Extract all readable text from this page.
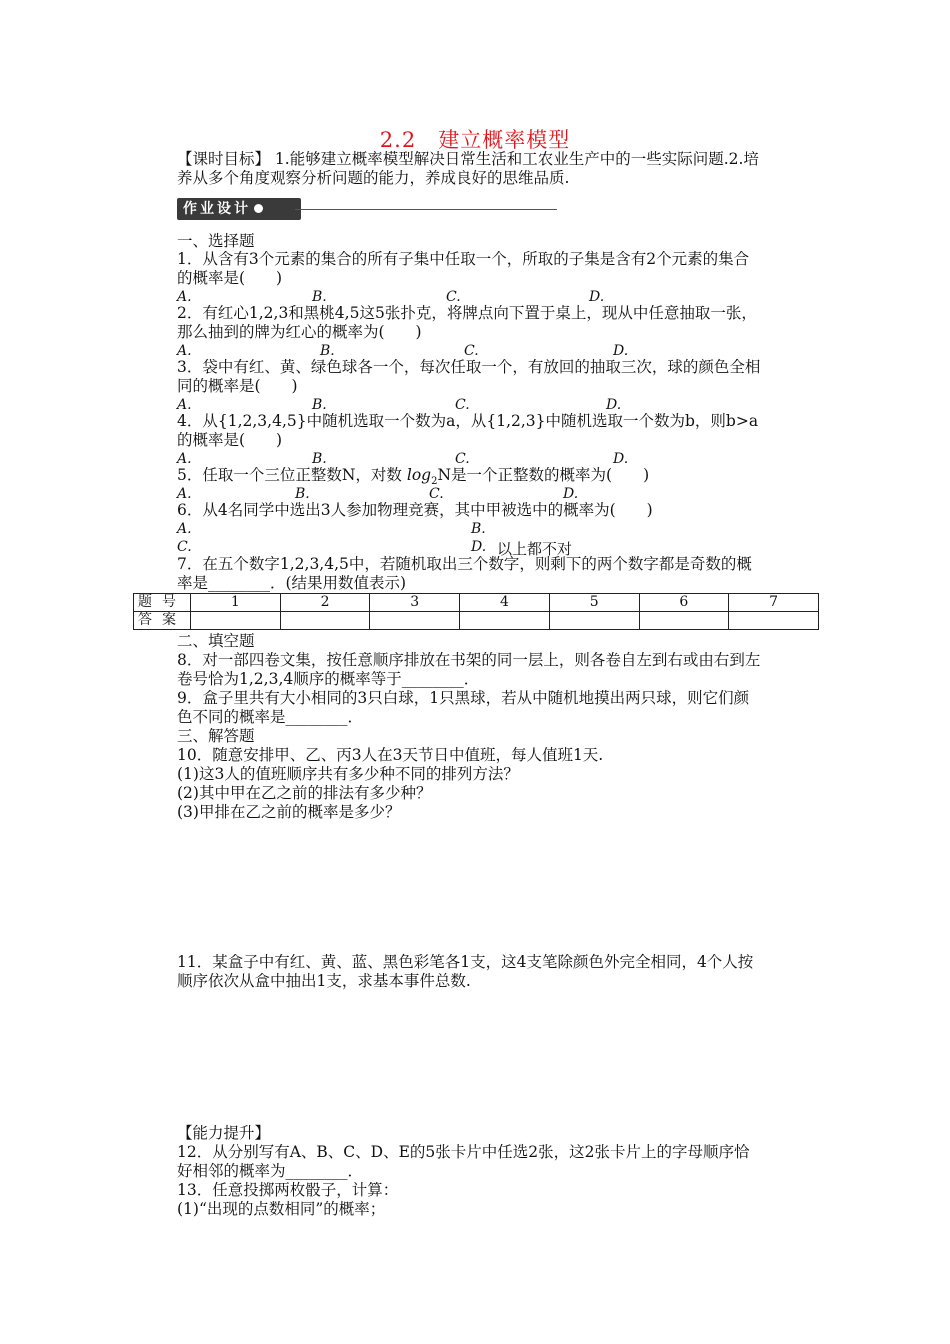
2.2　建立概率模型
【课时目标】 1.能够建立概率模型解决日常生活和工农业生产中的一些实际问题.2.培
养从多个角度观察分析问题的能力，养成良好的思维品质.
作业设计
一、选择题
1．从含有3个元素的集合的所有子集中任取一个，所取的子集是含有2个元素的集合
的概率是(　　)
A.	B.	C.	D.
2．有红心1,2,3和黑桃4,5这5张扑克，将牌点向下置于桌上，现从中任意抽取一张，
那么抽到的牌为红心的概率为(　　)
A.	B.	C.	D.
3．袋中有红、黄、绿色球各一个，每次任取一个，有放回的抽取三次，球的颜色全相
同的概率是(　　)
A.	B.	C.	D.
4．从{1,2,3,4,5}中随机选取一个数为a，从{1,2,3}中随机选取一个数为b，则b>a
的概率是(　　)
A.	B.	C.	D.
5．任取一个三位正整数N，对数 $\log_2N$是一个正整数的概率为(　　)
A.	B.	C.	D.
6．从4名同学中选出3人参加物理竞赛，其中甲被选中的概率为(　　)
A.	B.
C.	D. 以上都不对
7．在五个数字1,2,3,4,5中，若随机取出三个数字，则剩下的两个数字都是奇数的概
率是________．(结果用数值表示)
题号	1	2	3	4	5	6	7
答案							
二、填空题
8．对一部四卷文集，按任意顺序排放在书架的同一层上，则各卷自左到右或由右到左
卷号恰为1,2,3,4顺序的概率等于________．
9．盒子里共有大小相同的3只白球，1只黑球，若从中随机地摸出两只球，则它们颜
色不同的概率是________．
三、解答题
10．随意安排甲、乙、丙3人在3天节日中值班，每人值班1天.
(1)这3人的值班顺序共有多少种不同的排列方法？
(2)其中甲在乙之前的排法有多少种？
(3)甲排在乙之前的概率是多少？
11．某盒子中有红、黄、蓝、黑色彩笔各1支，这4支笔除颜色外完全相同，4个人按
顺序依次从盒中抽出1支，求基本事件总数.
【能力提升】
12．从分别写有A、B、C、D、E的5张卡片中任选2张，这2张卡片上的字母顺序恰
好相邻的概率为________．
13．任意投掷两枚骰子，计算：
(1)“出现的点数相同”的概率；
